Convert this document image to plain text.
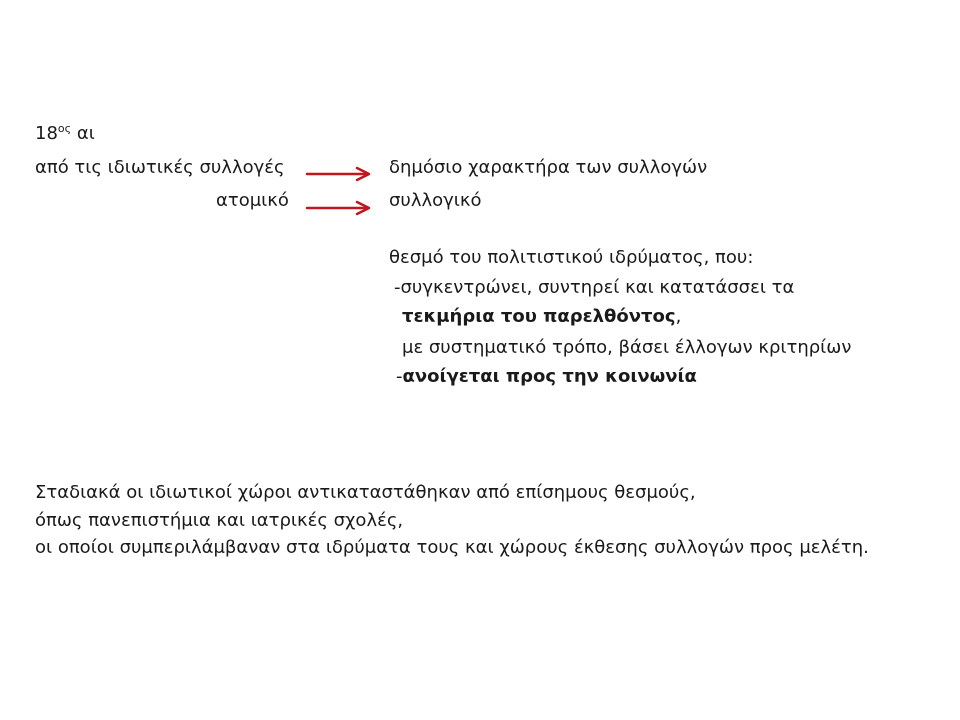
$18^{o\varsigma}$ αι
από τις ιδιωτικές συλλογές	δημόσιο χαρακτήρα των συλλογών
ατομικό	συλλογικό
θεσμό του πολιτιστικού ιδρύματος, που:
-συγκεντρώνει, συντηρεί και κατατάσσει τα
τεκμήρια του παρελθόντος,
με συστηματικό τρόπο, βάσει έλλογων κριτηρίων
-ανοίγεται προς την κοινωνία
Σταδιακά οι ιδιωτικοί χώροι αντικαταστάθηκαν από επίσημους θεσμούς,
όπως πανεπιστήμια και ιατρικές σχολές,
οι οποίοι συμπεριλάμβαναν στα ιδρύματα τους και χώρους έκθεσης συλλογών προς μελέτη.
